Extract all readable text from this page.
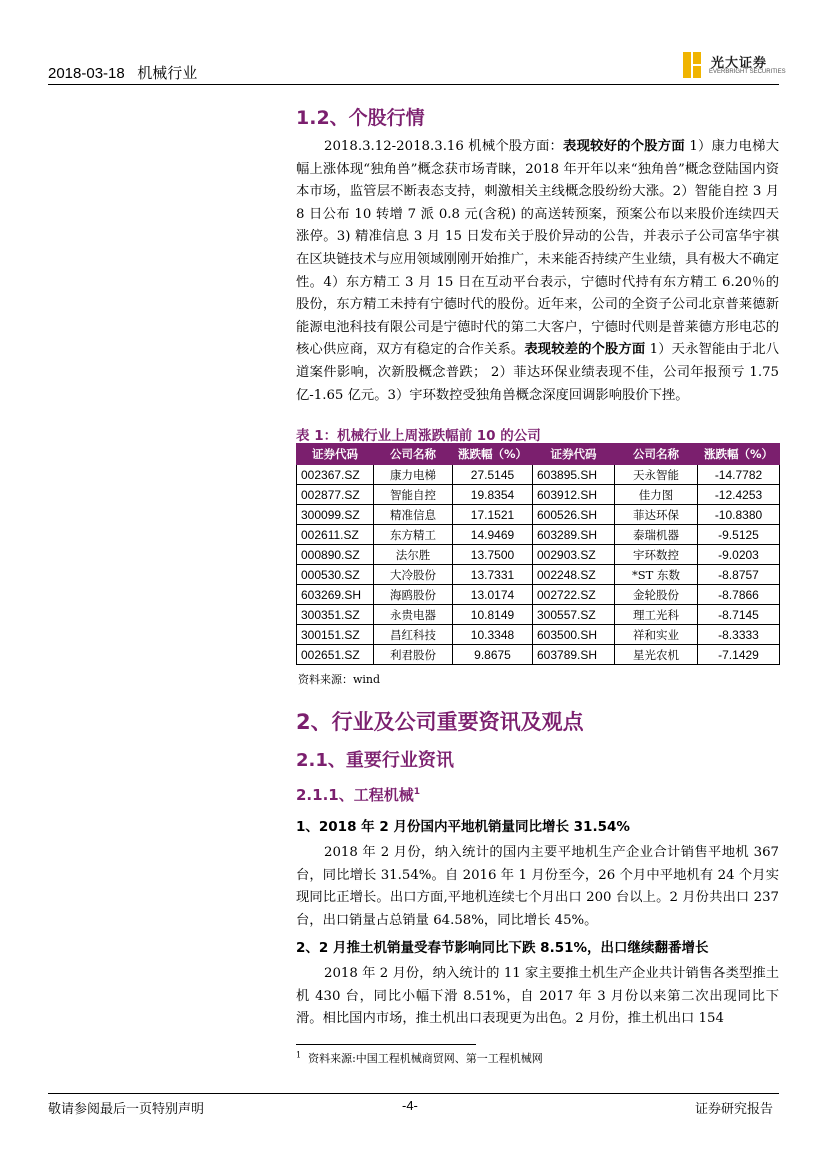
2018-03-18 机械行业
光大证券
EVERBRIGHT SECURITIES
1.2、个股行情
2018.3.12-2018.3.16 机械个股方面：表现较好的个股方面 1）康力电梯大幅上涨体现“独角兽”概念获市场青睐，2018 年开年以来“独角兽”概念登陆国内资本市场，监管层不断表态支持，刺激相关主线概念股纷纷大涨。2）智能自控 3 月 8 日公布 10 转增 7 派 0.8 元(含税) 的高送转预案，预案公布以来股价连续四天涨停。3) 精准信息 3 月 15 日发布关于股价异动的公告，并表示子公司富华宇祺在区块链技术与应用领域刚刚开始推广，未来能否持续产生业绩，具有极大不确定性。4）东方精工 3 月 15 日在互动平台表示，宁德时代持有东方精工 6.20％的股份，东方精工未持有宁德时代的股份。近年来，公司的全资子公司北京普莱德新能源电池科技有限公司是宁德时代的第二大客户，宁德时代则是普莱德方形电芯的核心供应商，双方有稳定的合作关系。表现较差的个股方面 1）天永智能由于北八道案件影响，次新股概念普跌； 2）菲达环保业绩表现不佳，公司年报预亏 1.75 亿-1.65 亿元。3）宇环数控受独角兽概念深度回调影响股价下挫。
表 1：机械行业上周涨跌幅前 10 的公司
证券代码	公司名称	涨跌幅（%）	证券代码	公司名称	涨跌幅（%）
002367.SZ	康力电梯	27.5145	603895.SH	天永智能	-14.7782
002877.SZ	智能自控	19.8354	603912.SH	佳力图	-12.4253
300099.SZ	精准信息	17.1521	600526.SH	菲达环保	-10.8380
002611.SZ	东方精工	14.9469	603289.SH	泰瑞机器	-9.5125
000890.SZ	法尔胜	13.7500	002903.SZ	宇环数控	-9.0203
000530.SZ	大冷股份	13.7331	002248.SZ	*ST 东数	-8.8757
603269.SH	海鸥股份	13.0174	002722.SZ	金轮股份	-8.7866
300351.SZ	永贵电器	10.8149	300557.SZ	理工光科	-8.7145
300151.SZ	昌红科技	10.3348	603500.SH	祥和实业	-8.3333
002651.SZ	利君股份	9.8675	603789.SH	星光农机	-7.1429
资料来源：wind
2、行业及公司重要资讯及观点
2.1、重要行业资讯
2.1.1、工程机械$^1$
1、2018 年 2 月份国内平地机销量同比增长 31.54%
2018 年 2 月份，纳入统计的国内主要平地机生产企业合计销售平地机 367 台，同比增长 31.54%。自 2016 年 1 月份至今，26 个月中平地机有 24 个月实现同比正增长。出口方面,平地机连续七个月出口 200 台以上。2 月份共出口 237 台，出口销量占总销量 64.58%，同比增长 45%。
2、2 月推土机销量受春节影响同比下跌 8.51%，出口继续翻番增长
2018 年 2 月份，纳入统计的 11 家主要推土机生产企业共计销售各类型推土机 430 台，同比小幅下滑 8.51%，自 2017 年 3 月份以来第二次出现同比下滑。相比国内市场，推土机出口表现更为出色。2 月份，推土机出口 154
$^1$ 资料来源:中国工程机械商贸网、第一工程机械网
敬请参阅最后一页特别声明	-4-	证券研究报告
